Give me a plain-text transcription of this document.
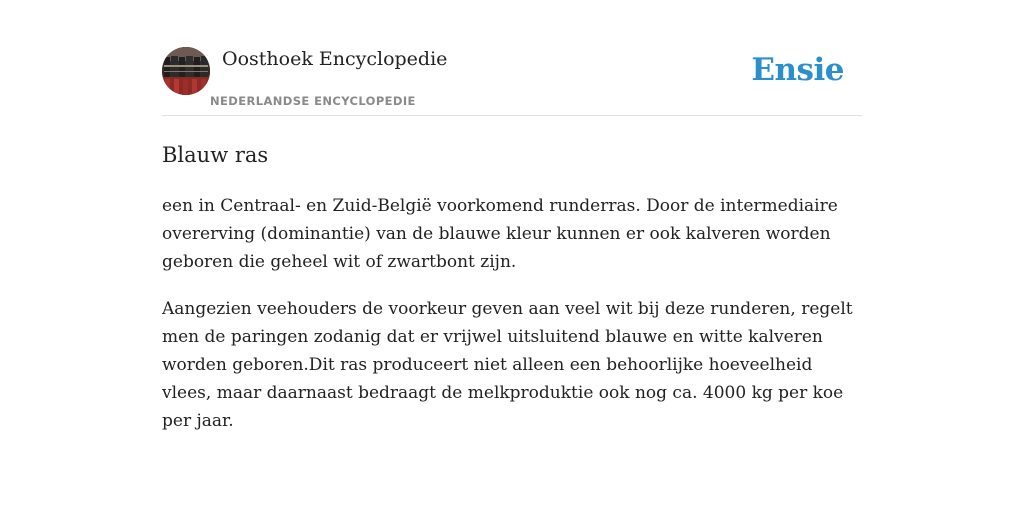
Oosthoek Encyclopedie
NEDERLANDSE ENCYCLOPEDIE
Ensie
Blauw ras

een in Centraal- en Zuid-België voorkomend runderras. Door de intermediaire overerving (dominantie) van de blauwe kleur kunnen er ook kalveren worden geboren die geheel wit of zwartbont zijn.

Aangezien veehouders de voorkeur geven aan veel wit bij deze runderen, regelt men de paringen zodanig dat er vrijwel uitsluitend blauwe en witte kalveren worden geboren.Dit ras produceert niet alleen een behoorlijke hoeveelheid vlees, maar daarnaast bedraagt de melkproduktie ook nog ca. 4000 kg per koe per jaar.
